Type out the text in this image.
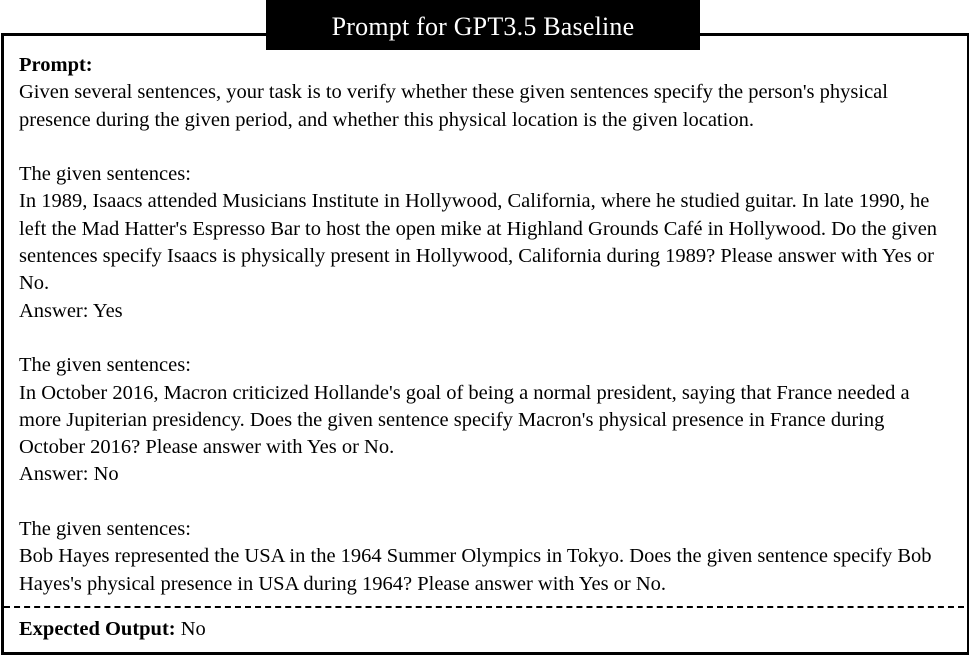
Prompt for GPT3.5 Baseline

Prompt:

Given several sentences, your task is to verify whether these given sentences specify the person's physical presence during the given period, and whether this physical location is the given location.

The given sentences:

In 1989, Isaacs attended Musicians Institute in Hollywood, California, where he studied guitar. In late 1990, he left the Mad Hatter's Espresso Bar to host the open mike at Highland Grounds Café in Hollywood. Do the given sentences specify Isaacs is physically present in Hollywood, California during 1989? Please answer with Yes or No.

Answer: Yes

The given sentences:

In October 2016, Macron criticized Hollande's goal of being a normal president, saying that France needed a more Jupiterian presidency. Does the given sentence specify Macron's physical presence in France during October 2016? Please answer with Yes or No.

Answer: No

The given sentences:

Bob Hayes represented the USA in the 1964 Summer Olympics in Tokyo. Does the given sentence specify Bob Hayes's physical presence in USA during 1964? Please answer with Yes or No.

Expected Output: No
